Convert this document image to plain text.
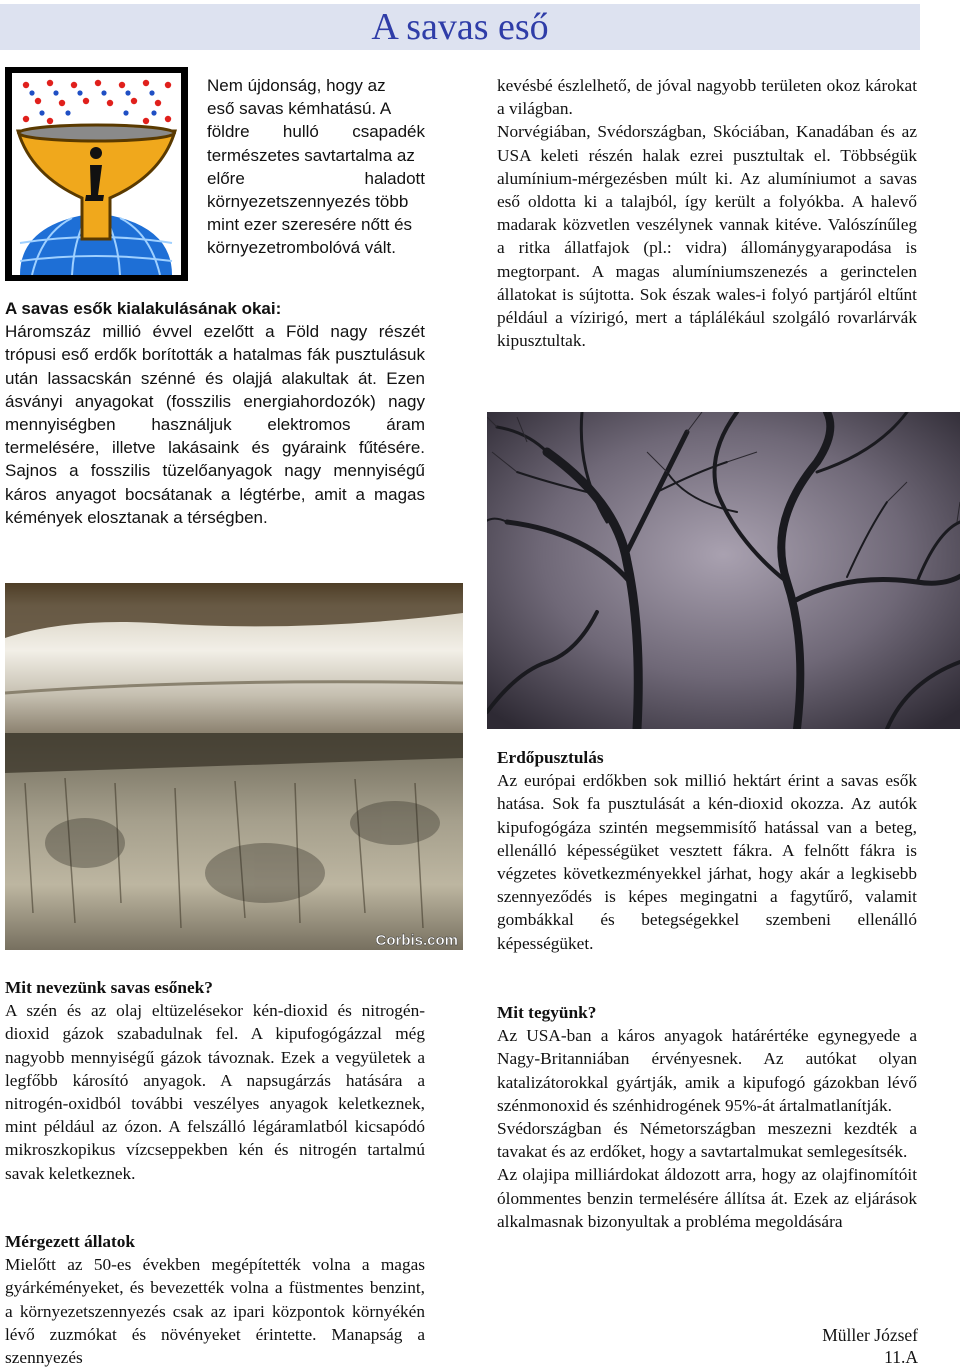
A savas eső

Nem újdonság, hogy az

eső savas kémhatású. A

földre hulló csapadék

természetes savtartalma az

előre haladott

környezetszennyezés több

mint ezer szeresére nőtt és

környezetrombolóvá vált.

A savas esők kialakulásának okai:

Háromszáz millió évvel ezelőtt a Föld nagy részét trópusi eső erdők borították a hatalmas fák pusztulásuk után lassacskán szénné és olajjá alakultak át. Ezen ásványi anyagokat (fosszilis energiahordozók) nagy mennyiségben használjuk elektromos áram termelésére, illetve lakásaink és gyáraink fűtésére. Sajnos a fosszilis tüzelőanyagok nagy mennyiségű káros anyagot bocsátanak a légtérbe, amit a magas kémények elosztanak a térségben.

kevésbé észlelhető, de jóval nagyobb területen okoz károkat a világban.

Norvégiában, Svédországban, Skóciában, Kanadában és az USA keleti részén halak ezrei pusztultak el. Többségük alumínium-mérgezésben múlt ki. Az alumíniumot a savas eső oldotta ki a talajból, így került a folyókba. A halevő madarak közvetlen veszélynek vannak kitéve. Valószínűleg a ritka állatfajok (pl.: vidra) állománygyarapodása is megtorpant. A magas alumíniumszenezés a gerinctelen állatokat is sújtotta. Sok észak wales-i folyó partjáról eltűnt például a vízirigó, mert a táplálékául szolgáló rovarlárvák kipusztultak.

Corbis.com

Mit nevezünk savas esőnek?

A szén és az olaj eltüzelésekor kén-dioxid és nitrogén-dioxid gázok szabadulnak fel. A kipufogógázzal még nagyobb mennyiségű gázok távoznak. Ezek a vegyületek a legfőbb károsító anyagok. A napsugárzás hatására a nitrogén-oxidból további veszélyes anyagok keletkeznek, mint például az ózon. A felszálló légáramlatból kicsapódó mikroszkopikus vízcseppekben kén és nitrogén tartalmú savak keletkeznek.

Mérgezett állatok

Mielőtt az 50-es években megépítették volna a magas gyárkéményeket, és bevezették volna a füstmentes benzint, a környezetszennyezés csak az ipari központok környékén lévő zuzmókat és növényeket érintette. Manapság a szennyezés

Erdőpusztulás

Az európai erdőkben sok millió hektárt érint a savas esők hatása. Sok fa pusztulását a kén-dioxid okozza. Az autók kipufogógáza szintén megsemmisítő hatással van a beteg, ellenálló képességüket vesztett fákra. A felnőtt fákra is végzetes következményekkel járhat, hogy akár a legkisebb szennyeződés is képes megingatni a fagytűrő, valamit gombákkal és betegségekkel szembeni ellenálló képességüket.

Mit tegyünk?

Az USA-ban a káros anyagok határértéke egynegyede a Nagy-Britanniában érvényesnek. Az autókat olyan katalizátorokkal gyártják, amik a kipufogó gázokban lévő szénmonoxid és szénhidrogének 95%-át ártalmatlanítják.

Svédországban és Németországban meszezni kezdték a tavakat és az erdőket, hogy a savtartalmukat semlegesítsék.

Az olajipa milliárdokat áldozott arra, hogy az olajfinomítóit ólommentes benzin termelésére állítsa át. Ezek az eljárások alkalmasnak bizonyultak a probléma megoldására

Müller József
11.A
